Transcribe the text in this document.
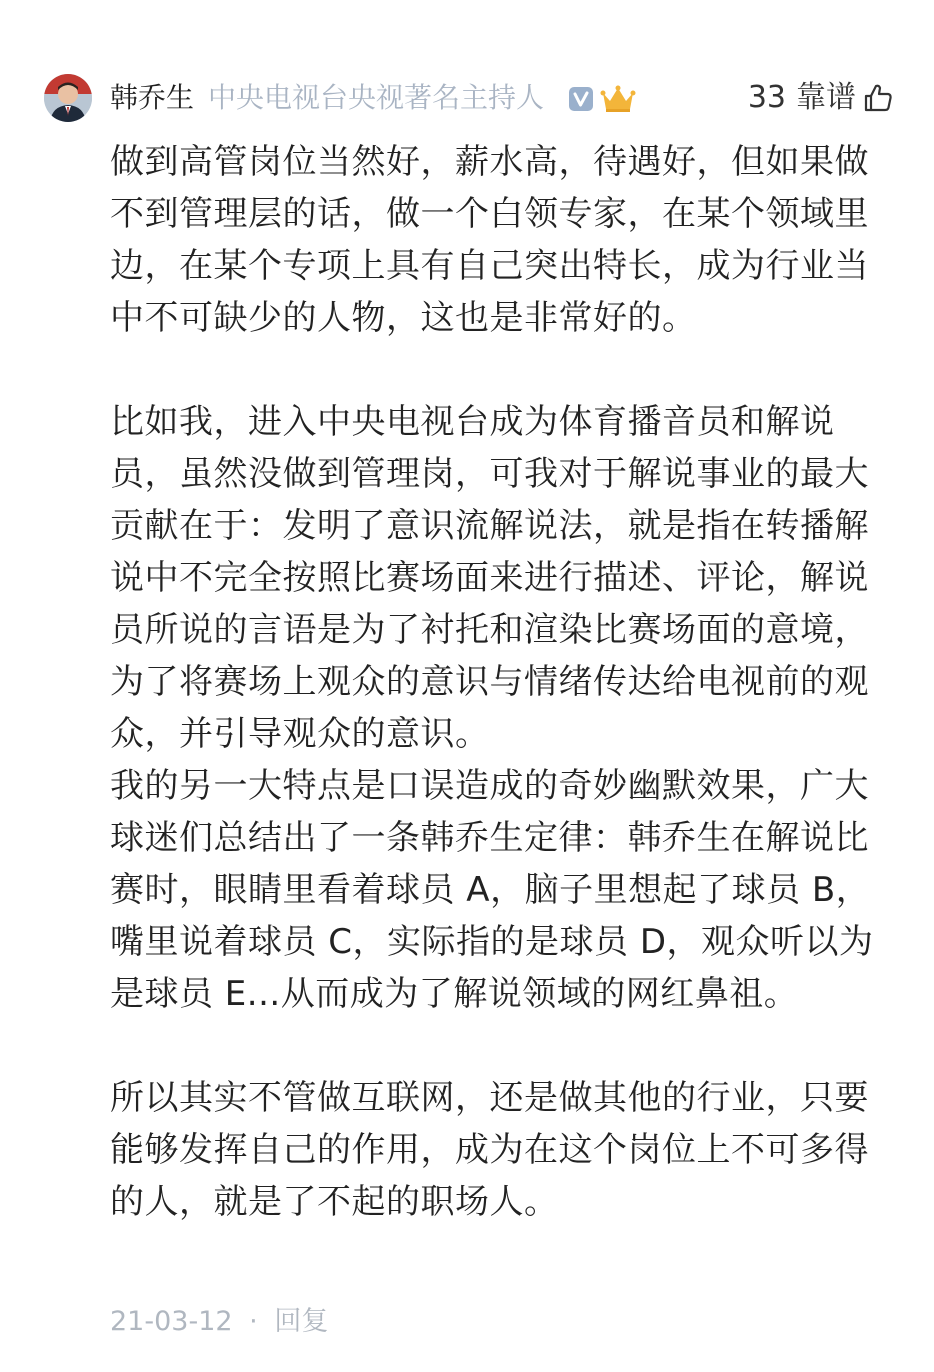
韩乔生 中央电视台央视著名主持人	33 靠谱

做到高管岗位当然好，薪水高，待遇好，但如果做不到管理层的话，做一个白领专家，在某个领域里边，在某个专项上具有自己突出特长，成为行业当中不可缺少的人物，这也是非常好的。

比如我，进入中央电视台成为体育播音员和解说员，虽然没做到管理岗，可我对于解说事业的最大贡献在于：发明了意识流解说法，就是指在转播解说中不完全按照比赛场面来进行描述、评论，解说员所说的言语是为了衬托和渲染比赛场面的意境，为了将赛场上观众的意识与情绪传达给电视前的观众，并引导观众的意识。

我的另一大特点是口误造成的奇妙幽默效果，广大球迷们总结出了一条韩乔生定律：韩乔生在解说比赛时，眼睛里看着球员 A，脑子里想起了球员 B，嘴里说着球员 C，实际指的是球员 D，观众听以为是球员 E...从而成为了解说领域的网红鼻祖。

所以其实不管做互联网，还是做其他的行业，只要能够发挥自己的作用，成为在这个岗位上不可多得的人，就是了不起的职场人。

21-03-12 · 回复
